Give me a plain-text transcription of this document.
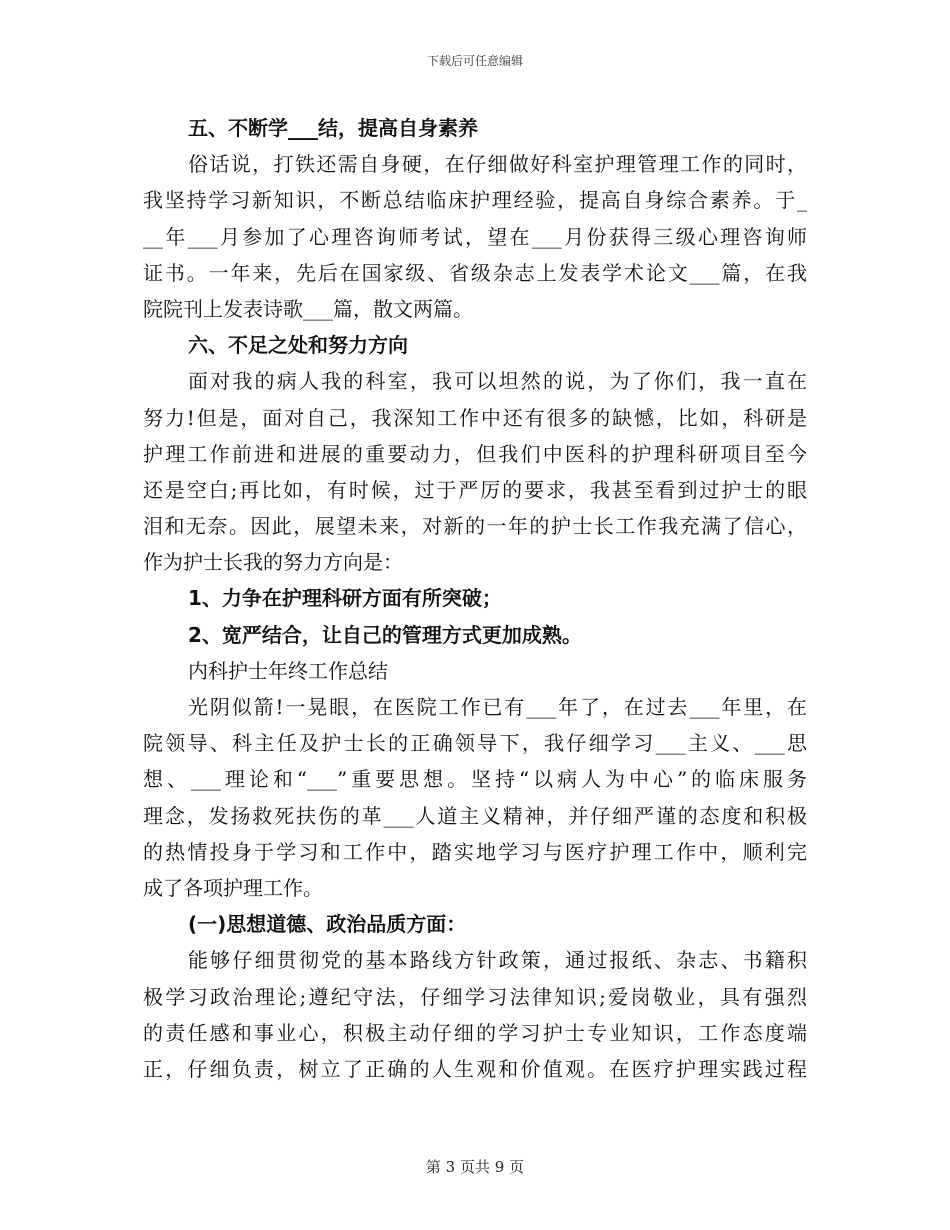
下载后可任意编辑
五、不断学___结，提高自身素养
俗话说，打铁还需自身硬，在仔细做好科室护理管理工作的同时，
我坚持学习新知识，不断总结临床护理经验，提高自身综合素养。于_
__年___月参加了心理咨询师考试，望在___月份获得三级心理咨询师
证书。一年来，先后在国家级、省级杂志上发表学术论文___篇，在我
院院刊上发表诗歌___篇，散文两篇。
六、不足之处和努力方向
面对我的病人我的科室，我可以坦然的说，为了你们，我一直在
努力!但是，面对自己，我深知工作中还有很多的缺憾，比如，科研是
护理工作前进和进展的重要动力，但我们中医科的护理科研项目至今
还是空白;再比如，有时候，过于严厉的要求，我甚至看到过护士的眼
泪和无奈。因此，展望未来，对新的一年的护士长工作我充满了信心，
作为护士长我的努力方向是：
1、力争在护理科研方面有所突破；
2、宽严结合，让自己的管理方式更加成熟。
内科护士年终工作总结
光阴似箭!一晃眼，在医院工作已有___年了，在过去___年里，在
院领导、科主任及护士长的正确领导下，我仔细学习___主义、___思
想、___理论和“___”重要思想。坚持“以病人为中心”的临床服务
理念，发扬救死扶伤的革___人道主义精神，并仔细严谨的态度和积极
的热情投身于学习和工作中，踏实地学习与医疗护理工作中，顺利完
成了各项护理工作。
(一)思想道德、政治品质方面：
能够仔细贯彻党的基本路线方针政策，通过报纸、杂志、书籍积
极学习政治理论;遵纪守法，仔细学习法律知识;爱岗敬业，具有强烈
的责任感和事业心，积极主动仔细的学习护士专业知识，工作态度端
正，仔细负责，树立了正确的人生观和价值观。在医疗护理实践过程
第 3 页共 9 页
